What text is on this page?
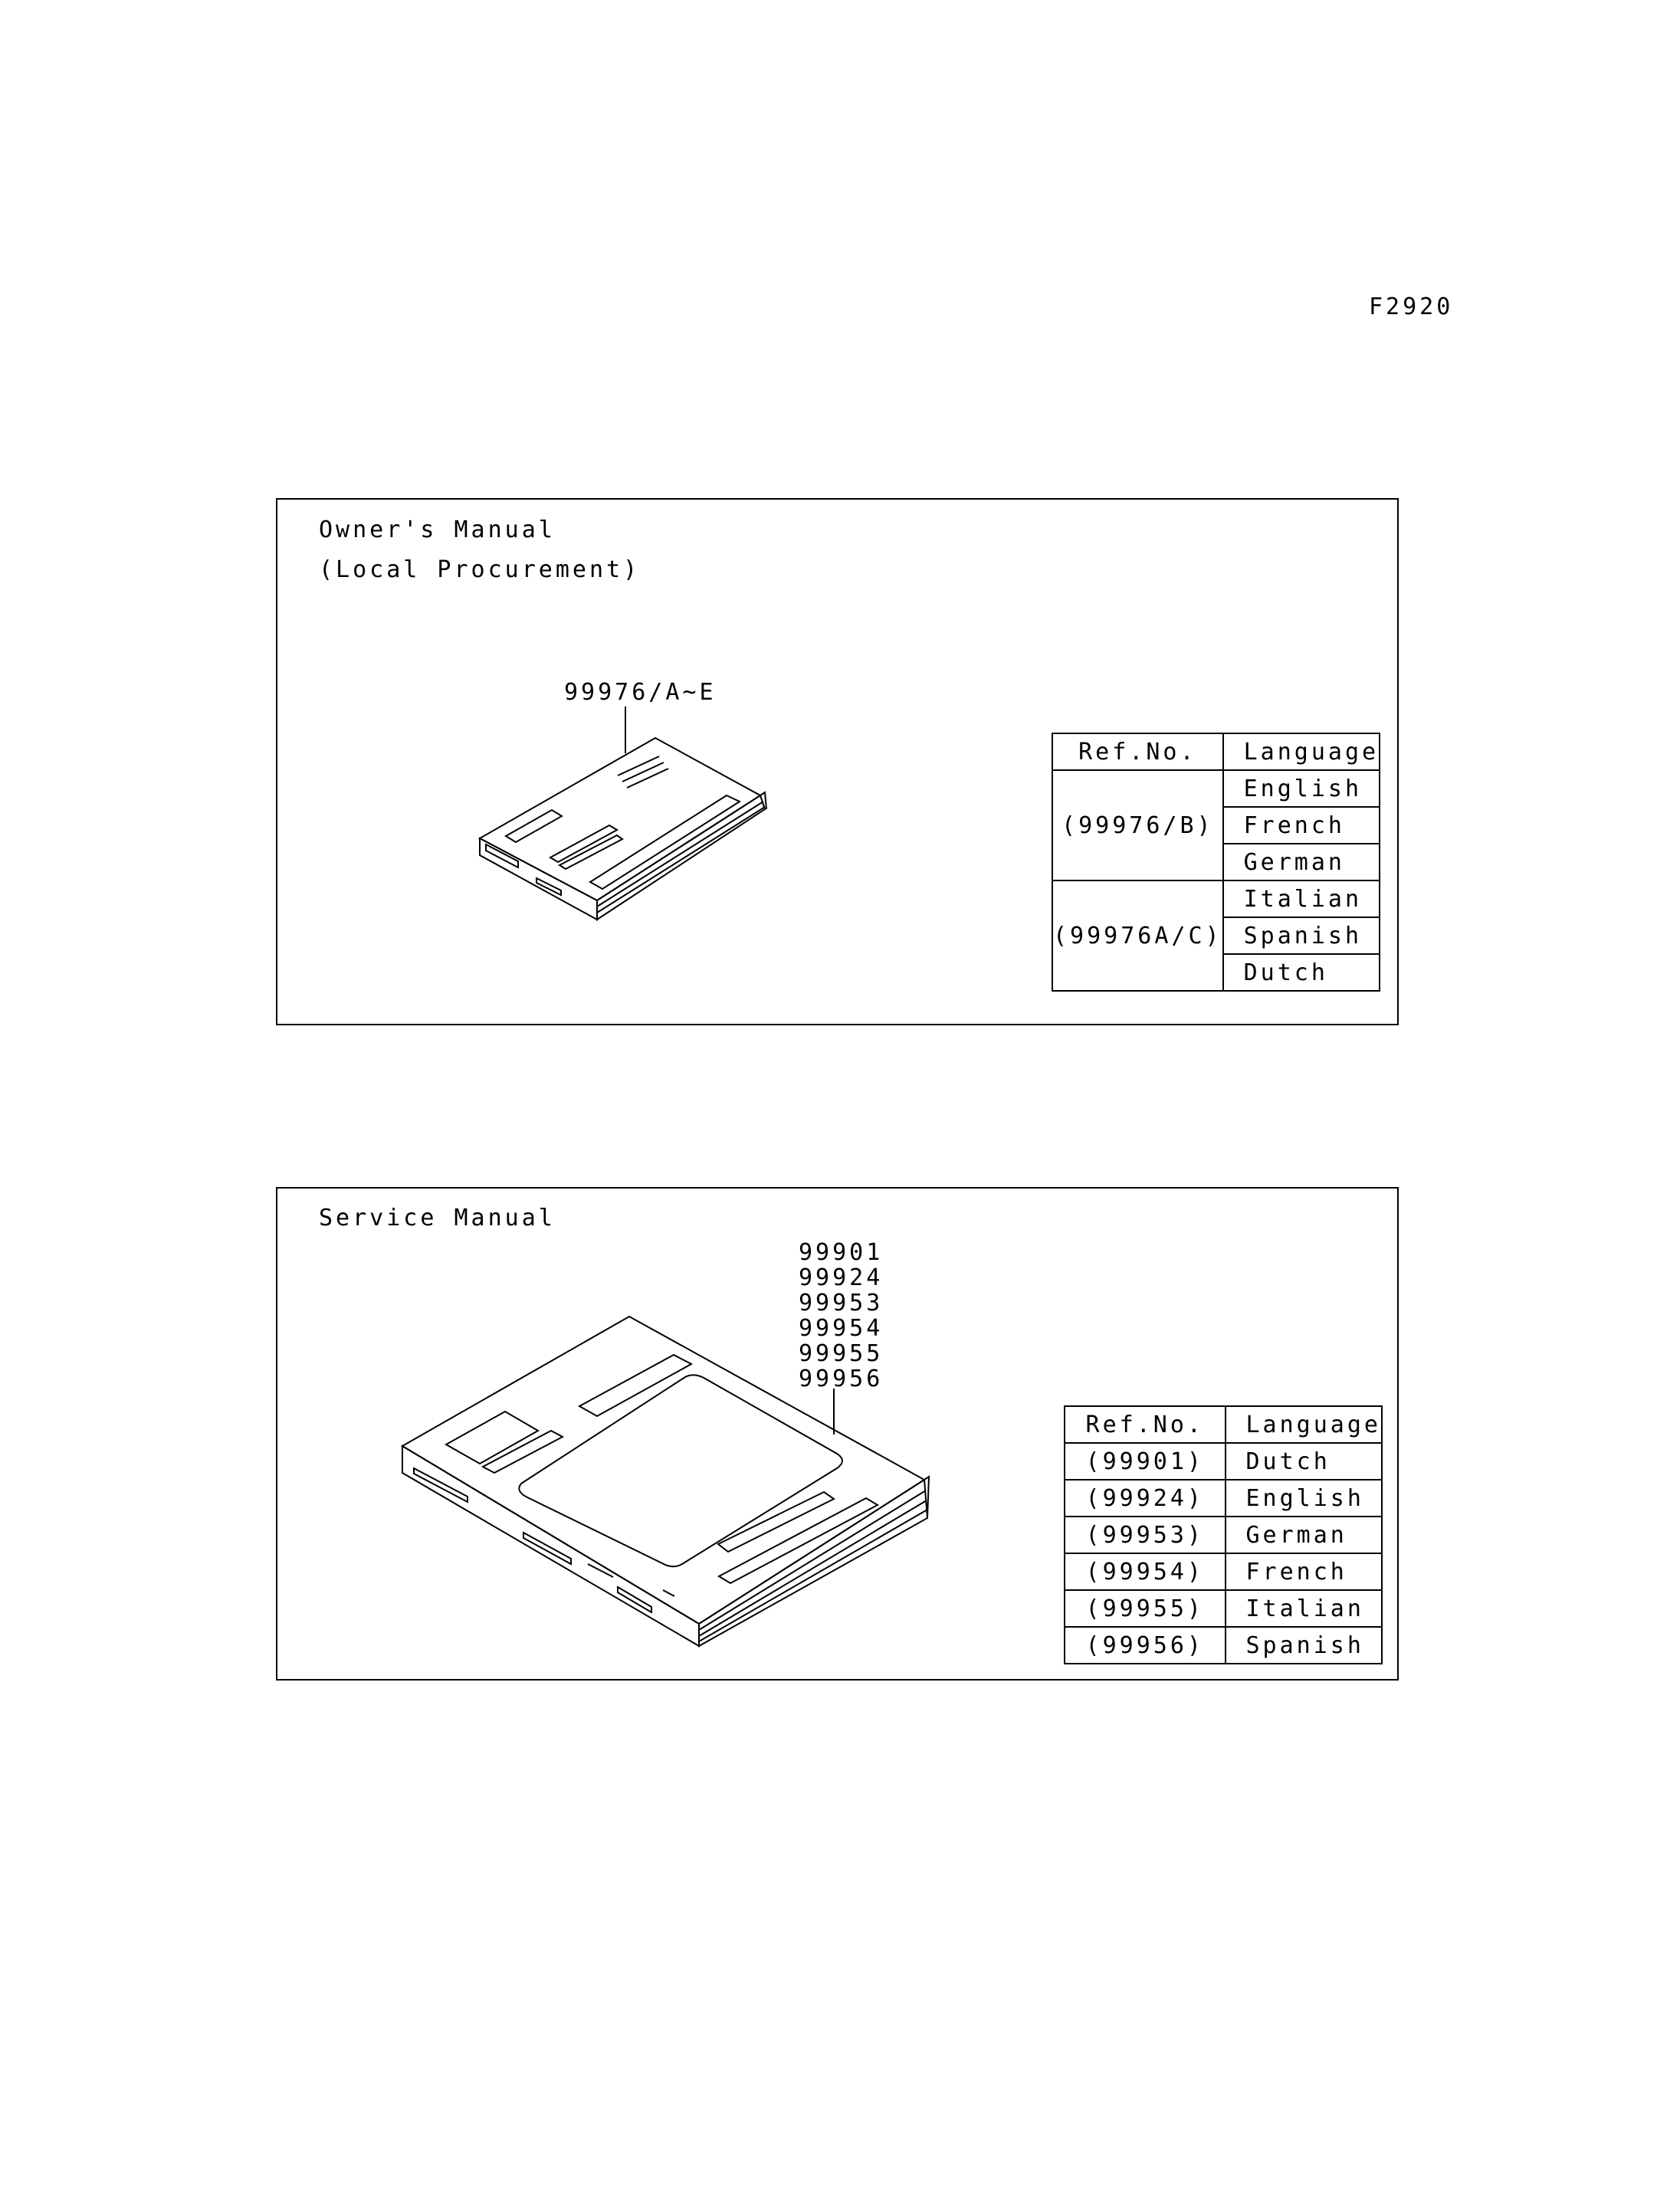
F2920
Owner's Manual
(Local Procurement)
99976/A~E
Ref.No.	Language
(99976/B)	English
	French
	German
(99976A/C)	Italian
	Spanish
	Dutch
Service Manual
99901
99924
99953
99954
99955
99956
Ref.No.	Language
(99901)	Dutch
(99924)	English
(99953)	German
(99954)	French
(99955)	Italian
(99956)	Spanish
